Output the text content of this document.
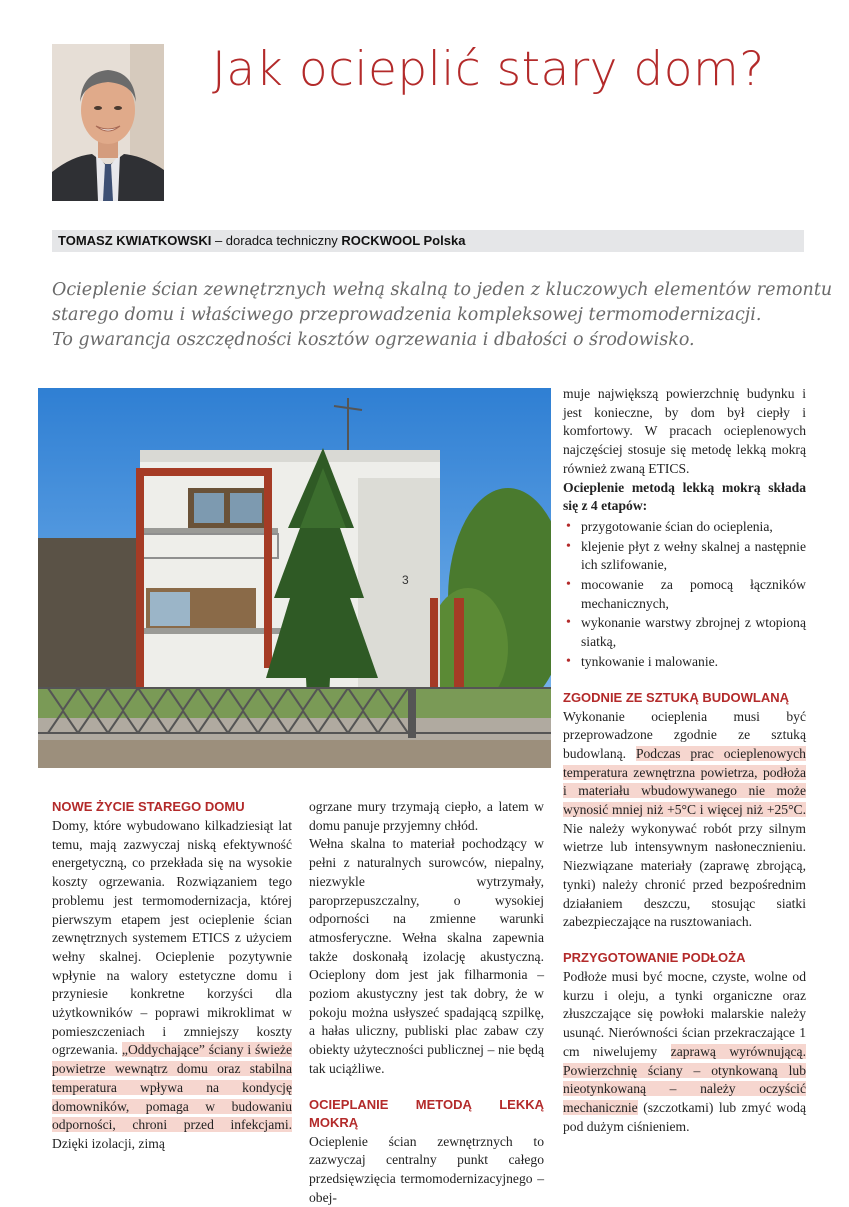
Jak ocieplić stary dom?
TOMASZ KWIATKOWSKI – doradca techniczny ROCKWOOL Polska
Ocieplenie ścian zewnętrznych wełną skalną to jeden z kluczowych elementów remontu
starego domu i właściwego przeprowadzenia kompleksowej termomodernizacji.
To gwarancja oszczędności kosztów ogrzewania i dbałości o środowisko.
3
NOWE ŻYCIE STAREGO DOMU

Domy, które wybudowano kilkadziesiąt lat temu, mają zazwyczaj niską efektywność energetyczną, co przekłada się na wysokie koszty ogrzewania. Rozwiązaniem tego problemu jest termomodernizacja, której pierwszym etapem jest ocieplenie ścian zewnętrznych systemem ETICS z użyciem wełny skalnej. Ocieplenie pozytywnie wpłynie na walory estetyczne domu i przyniesie konkretne korzyści dla użytkowników – poprawi mikroklimat w pomieszczeniach i zmniejszy koszty ogrzewania. „Oddychające” ściany i świeże powietrze wewnątrz domu oraz stabilna temperatura wpływa na kondycję domowników, pomaga w budowaniu odporności, chroni przed infekcjami. Dzięki izolacji, zimą

ogrzane mury trzymają ciepło, a latem w domu panuje przyjemny chłód.

Wełna skalna to materiał pochodzący w pełni z naturalnych surowców, niepalny, niezwykle wytrzymały, paroprzepuszczalny, o wysokiej odporności na zmienne warunki atmosferyczne. Wełna skalna zapewnia także doskonałą izolację akustyczną. Ocieplony dom jest jak filharmonia – poziom akustyczny jest tak dobry, że w pokoju można usłyszeć spadającą szpilkę, a hałas uliczny, publiski plac zabaw czy obiekty użyteczności publicznej – nie będą tak uciążliwe.

OCIEPLANIE METODĄ LEKKĄ MOKRĄ

Ocieplenie ścian zewnętrznych to zazwyczaj centralny punkt całego przedsięwzięcia termomodernizacyjnego – obej-

muje największą powierzchnię budynku i jest konieczne, by dom był ciepły i komfortowy. W pracach ocieplenowych najczęściej stosuje się metodę lekką mokrą również zwaną ETICS.

Ocieplenie metodą lekką mokrą składa się z 4 etapów:

• przygotowanie ścian do ocieplenia,
• klejenie płyt z wełny skalnej a następnie ich szlifowanie,
• mocowanie za pomocą łączników mechanicznych,
• wykonanie warstwy zbrojnej z wtopioną siatką,
• tynkowanie i malowanie.
ZGODNIE ZE SZTUKĄ BUDOWLANĄ

Wykonanie ocieplenia musi być przeprowadzone zgodnie ze sztuką budowlaną. Podczas prac ocieplenowych temperatura zewnętrzna powietrza, podłoża i materiału wbudowywanego nie może wynosić mniej niż +5°C i więcej niż +25°C. Nie należy wykonywać robót przy silnym wietrze lub intensywnym nasłonecznieniu. Niezwiązane materiały (zaprawę zbrojącą, tynki) należy chronić przed bezpośrednim działaniem deszczu, stosując siatki zabezpieczające na rusztowaniach.

PRZYGOTOWANIE PODŁOŻA

Podłoże musi być mocne, czyste, wolne od kurzu i oleju, a tynki organiczne oraz złuszczające się powłoki malarskie należy usunąć. Nierówności ścian przekraczające 1 cm niwelujemy zaprawą wyrównującą. Powierzchnię ściany – otynkowaną lub nieotynkowaną – należy oczyścić mechanicznie (szczotkami) lub zmyć wodą pod dużym ciśnieniem.
